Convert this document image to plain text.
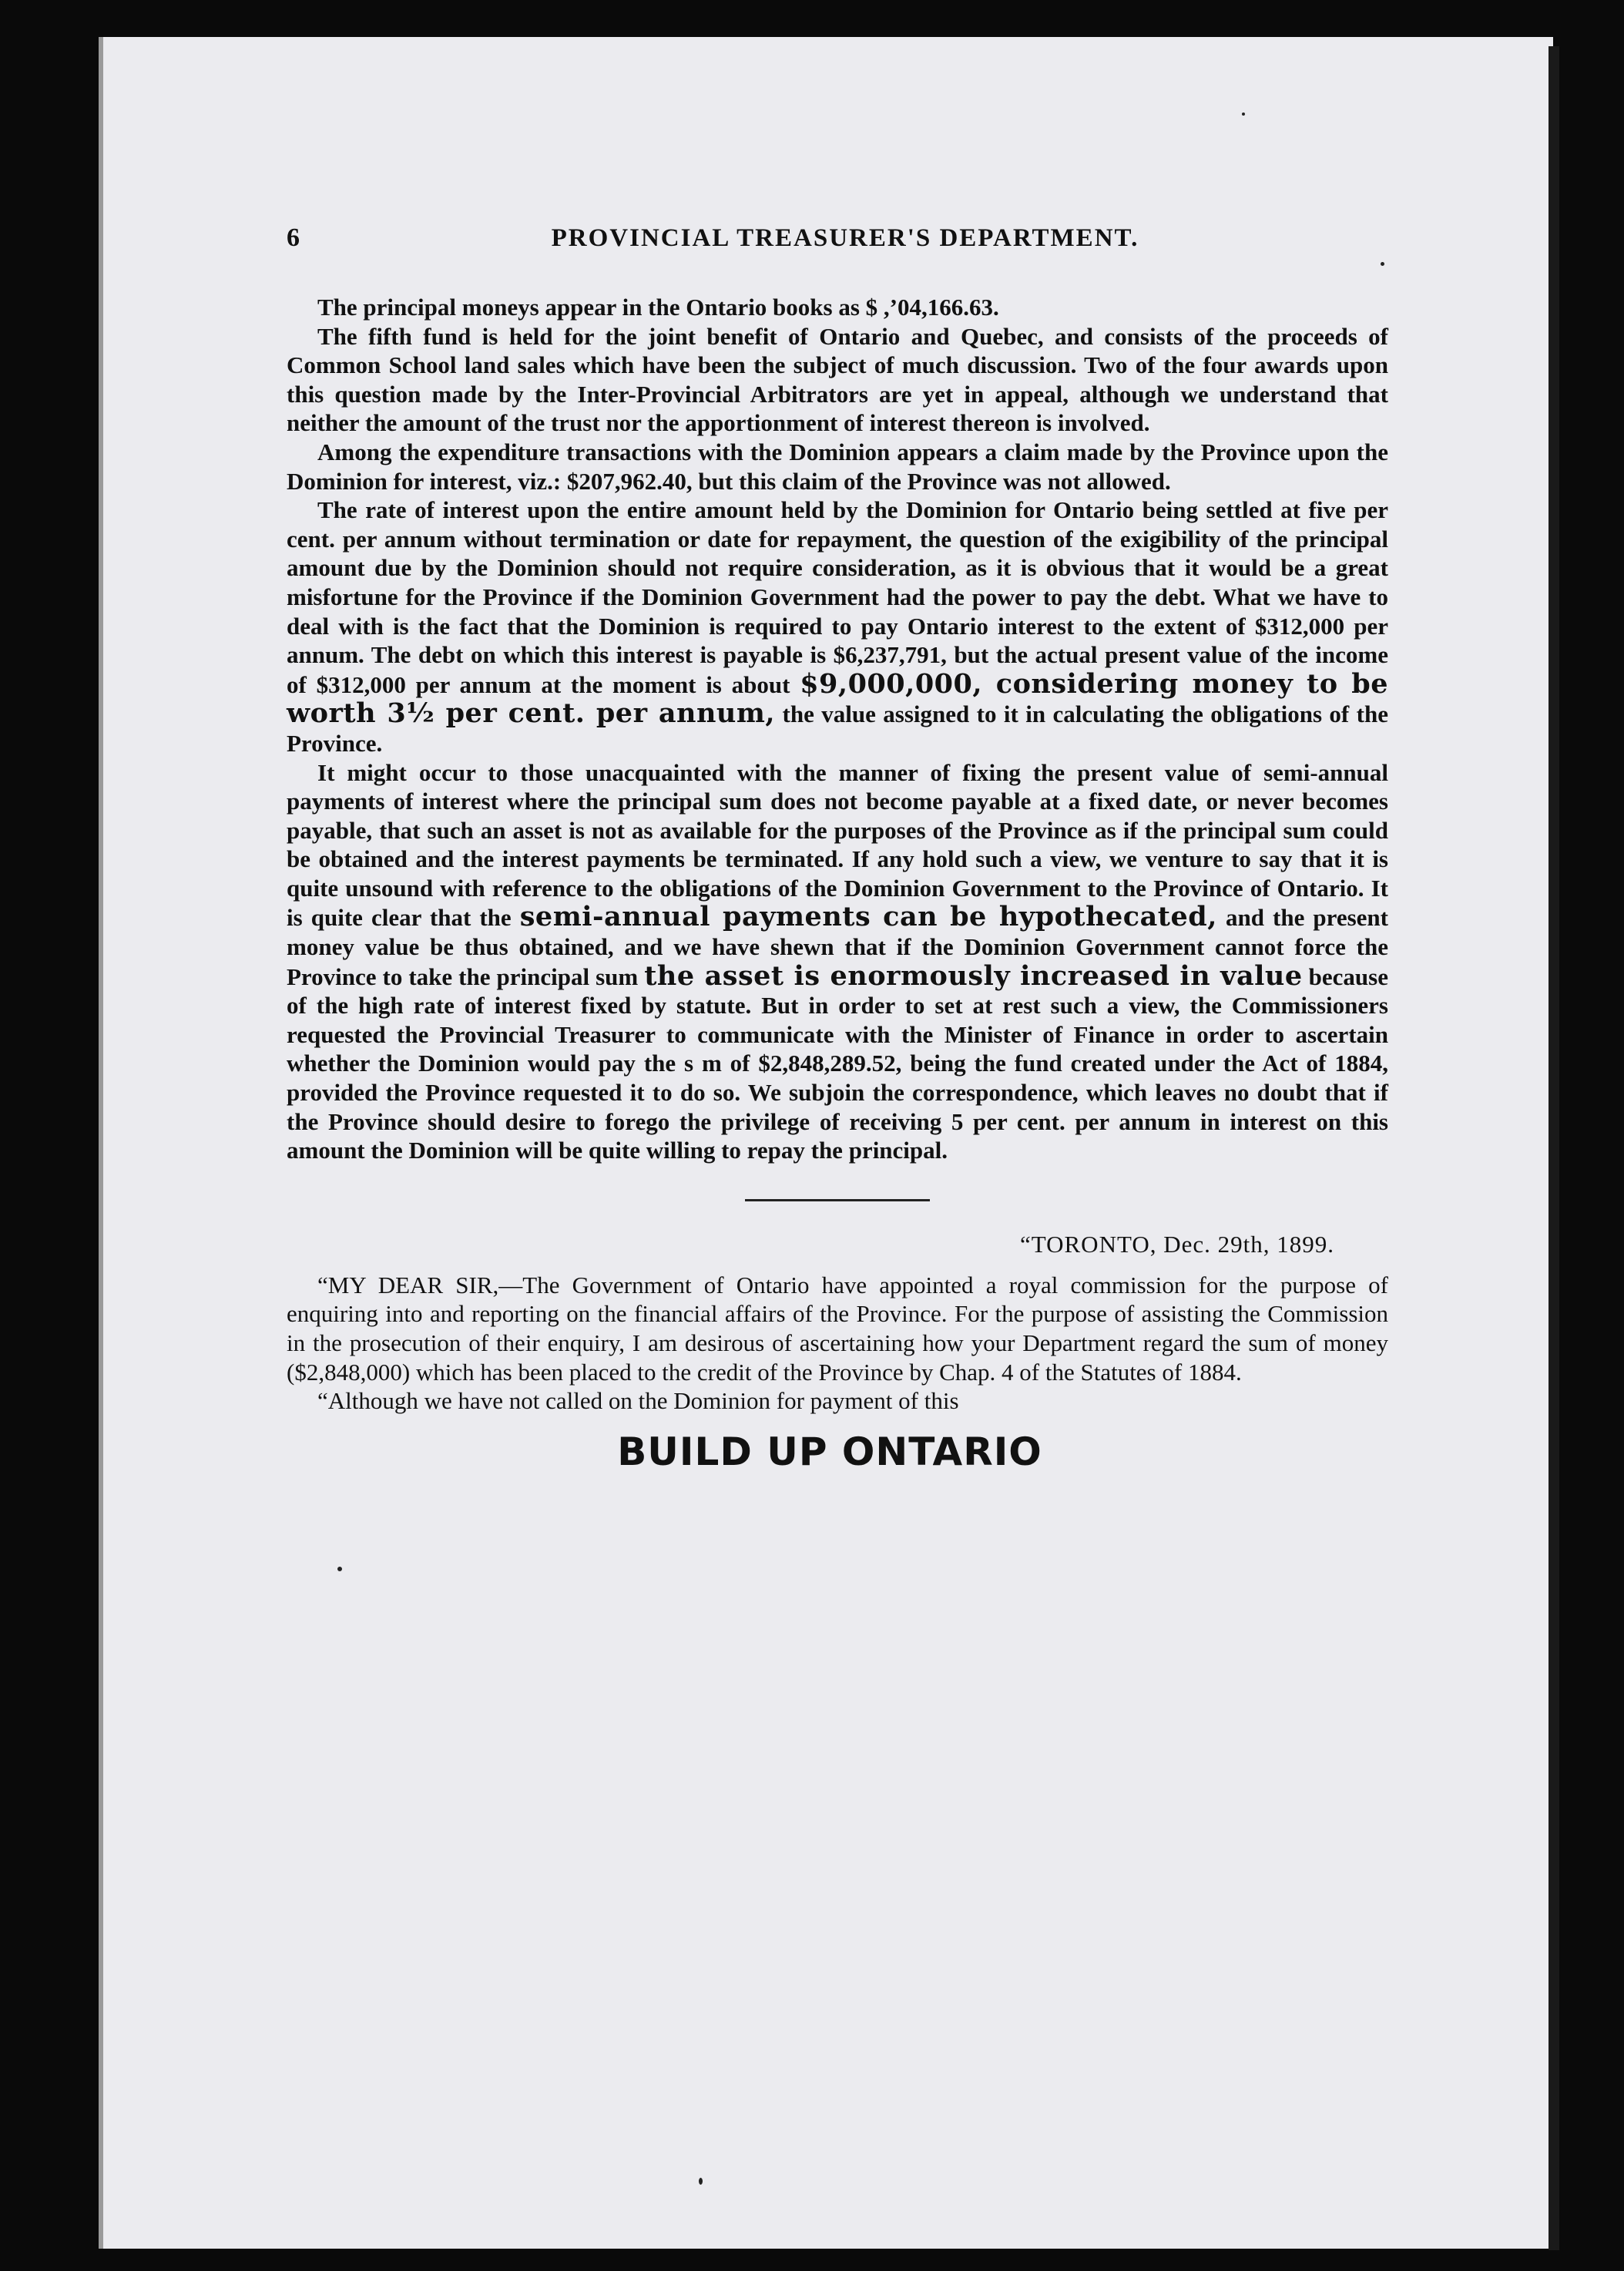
6	PROVINCIAL TREASURER'S DEPARTMENT.

The principal moneys appear in the Ontario books as $ ,’04,166.63.

The fifth fund is held for the joint benefit of Ontario and Quebec, and consists of the proceeds of Common School land sales which have been the subject of much discussion. Two of the four awards upon this question made by the Inter-Provincial Arbitrators are yet in appeal, although we understand that neither the amount of the trust nor the apportionment of interest thereon is involved.

Among the expenditure transactions with the Dominion appears a claim made by the Province upon the Dominion for interest, viz.: $207,962.40, but this claim of the Province was not allowed.

The rate of interest upon the entire amount held by the Dominion for Ontario being settled at five per cent. per annum without termination or date for repayment, the question of the exigibility of the principal amount due by the Dominion should not require consideration, as it is obvious that it would be a great misfortune for the Province if the Dominion Government had the power to pay the debt. What we have to deal with is the fact that the Dominion is required to pay Ontario interest to the extent of $312,000 per annum. The debt on which this interest is payable is $6,237,791, but the actual present value of the income of $312,000 per annum at the moment is about $9,000,000, considering money to be worth 3½ per cent. per annum, the value assigned to it in calculating the obligations of the Province.

It might occur to those unacquainted with the manner of fixing the present value of semi-annual payments of interest where the principal sum does not become payable at a fixed date, or never becomes payable, that such an asset is not as available for the purposes of the Province as if the principal sum could be obtained and the interest payments be terminated. If any hold such a view, we venture to say that it is quite unsound with reference to the obligations of the Dominion Government to the Province of Ontario. It is quite clear that the semi-annual payments can be hypothecated, and the present money value be thus obtained, and we have shewn that if the Dominion Government cannot force the Province to take the principal sum the asset is enormously increased in value because of the high rate of interest fixed by statute. But in order to set at rest such a view, the Commissioners requested the Provincial Treasurer to communicate with the Minister of Finance in order to ascertain whether the Dominion would pay the s m of $2,848,289.52, being the fund created under the Act of 1884, provided the Province requested it to do so. We subjoin the correspondence, which leaves no doubt that if the Province should desire to forego the privilege of receiving 5 per cent. per annum in interest on this amount the Dominion will be quite willing to repay the principal.

“TORONTO, Dec. 29th, 1899.

“MY DEAR SIR,—The Government of Ontario have appointed a royal commission for the purpose of enquiring into and reporting on the financial affairs of the Province. For the purpose of assisting the Commission in the prosecution of their enquiry, I am desirous of ascertaining how your Department regard the sum of money ($2,848,000) which has been placed to the credit of the Province by Chap. 4 of the Statutes of 1884.

“Although we have not called on the Dominion for payment of this

BUILD UP ONTARIO
